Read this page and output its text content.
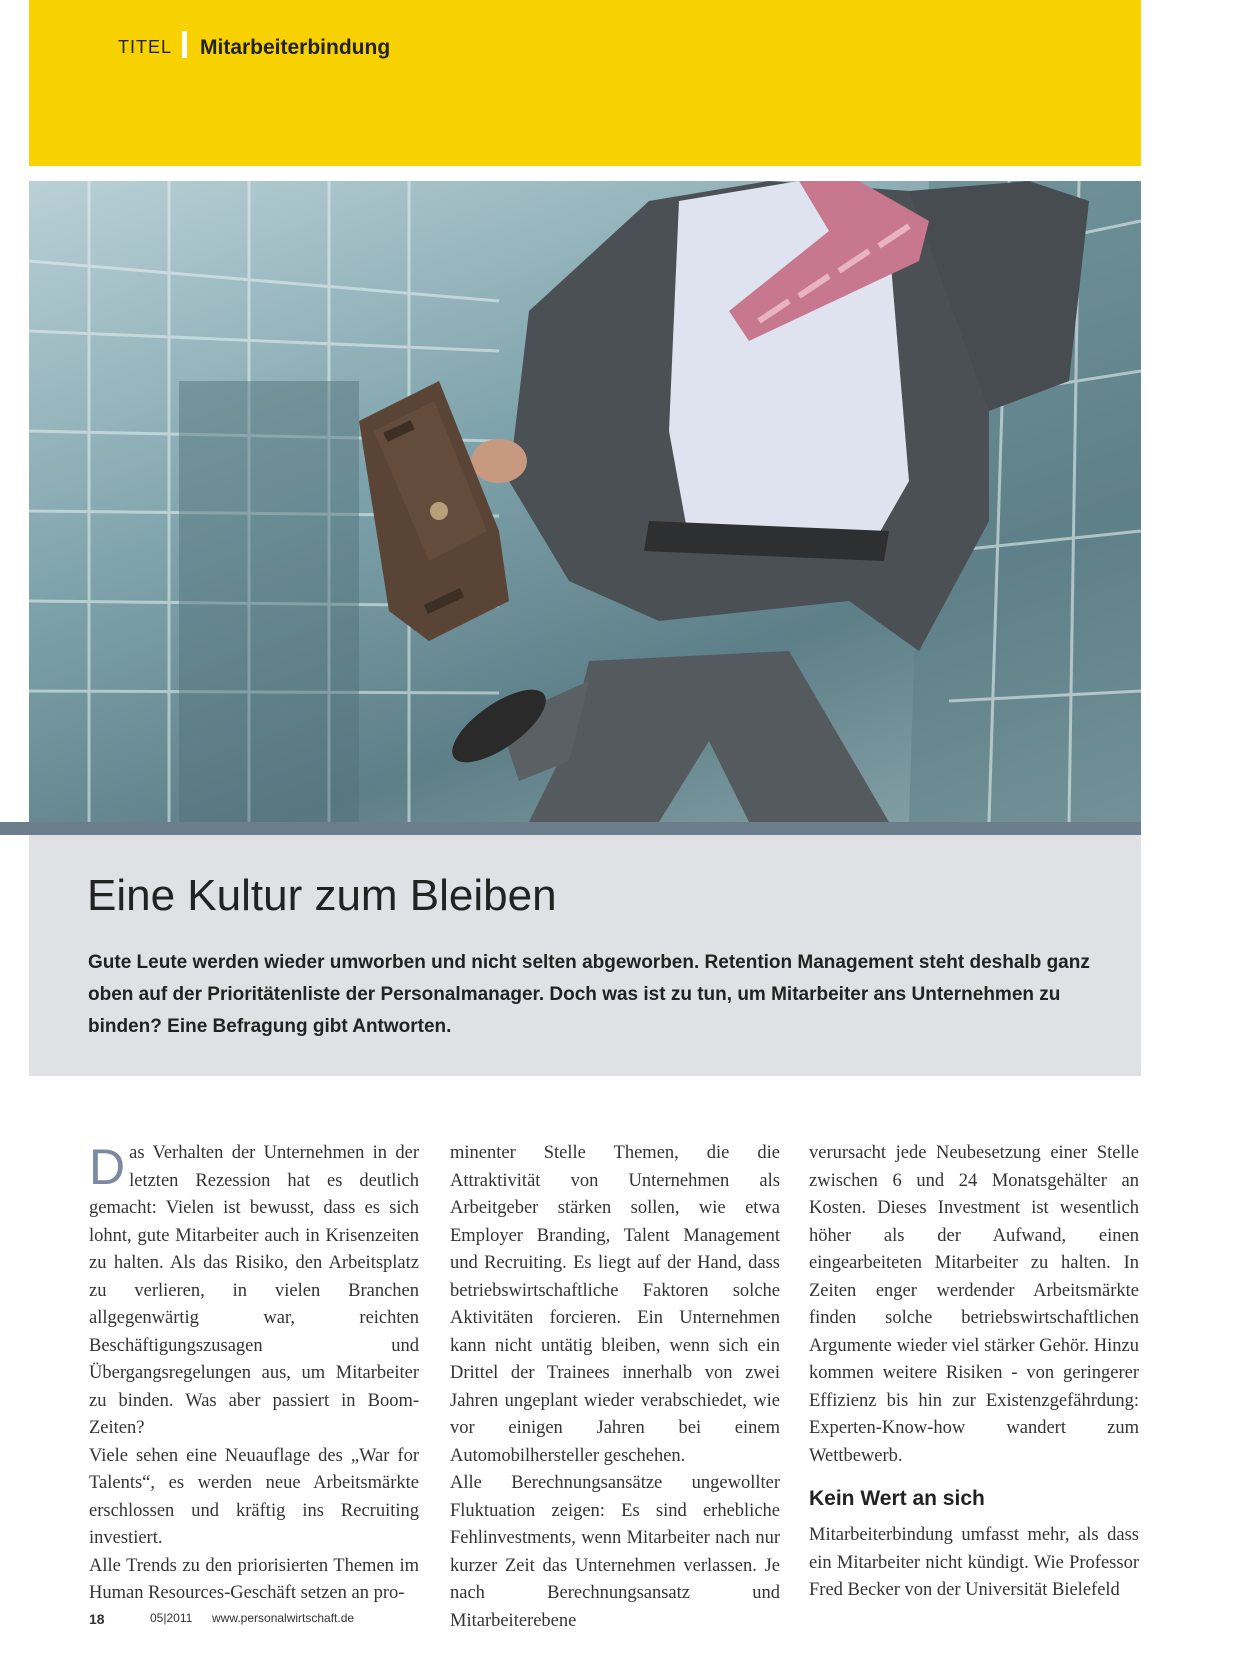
TITEL Mitarbeiterbindung
Eine Kultur zum Bleiben

Gute Leute werden wieder umworben und nicht selten abgeworben. Retention Management steht deshalb ganz oben auf der Prioritätenliste der Personalmanager. Doch was ist zu tun, um Mitarbeiter ans Unternehmen zu binden? Eine Befragung gibt Antworten.

D as Verhalten der Unternehmen in der letzten Rezession hat es deutlich gemacht: Vielen ist bewusst, dass es sich lohnt, gute Mitarbeiter auch in Krisenzeiten zu halten. Als das Risiko, den Arbeitsplatz zu verlieren, in vielen Branchen allgegenwärtig war, reichten Beschäftigungszusagen und Übergangsregelungen aus, um Mitarbeiter zu binden. Was aber passiert in Boom-Zeiten?

Viele sehen eine Neuauflage des „War for Talents“, es werden neue Arbeitsmärkte erschlossen und kräftig ins Recruiting investiert.

Alle Trends zu den priorisierten Themen im Human Resources-Geschäft setzen an pro-

minenter Stelle Themen, die die Attraktivität von Unternehmen als Arbeitgeber stärken sollen, wie etwa Employer Branding, Talent Management und Recruiting. Es liegt auf der Hand, dass betriebswirtschaftliche Faktoren solche Aktivitäten forcieren. Ein Unternehmen kann nicht untätig bleiben, wenn sich ein Drittel der Trainees innerhalb von zwei Jahren ungeplant wieder verabschiedet, wie vor einigen Jahren bei einem Automobilhersteller geschehen.

Alle Berechnungsansätze ungewollter Fluktuation zeigen: Es sind erhebliche Fehlinvestments, wenn Mitarbeiter nach nur kurzer Zeit das Unternehmen verlassen. Je nach Berechnungsansatz und Mitarbeiterebene

verursacht jede Neubesetzung einer Stelle zwischen 6 und 24 Monatsgehälter an Kosten. Dieses Investment ist wesentlich höher als der Aufwand, einen eingearbeiteten Mitarbeiter zu halten. In Zeiten enger werdender Arbeitsmärkte finden solche betriebswirtschaftlichen Argumente wieder viel stärker Gehör. Hinzu kommen weitere Risiken - von geringerer Effizienz bis hin zur Existenzgefährdung: Experten-Know-how wandert zum Wettbewerb.

Kein Wert an sich

Mitarbeiterbindung umfasst mehr, als dass ein Mitarbeiter nicht kündigt. Wie Professor Fred Becker von der Universität Bielefeld

18	05|2011 www.personalwirtschaft.de
